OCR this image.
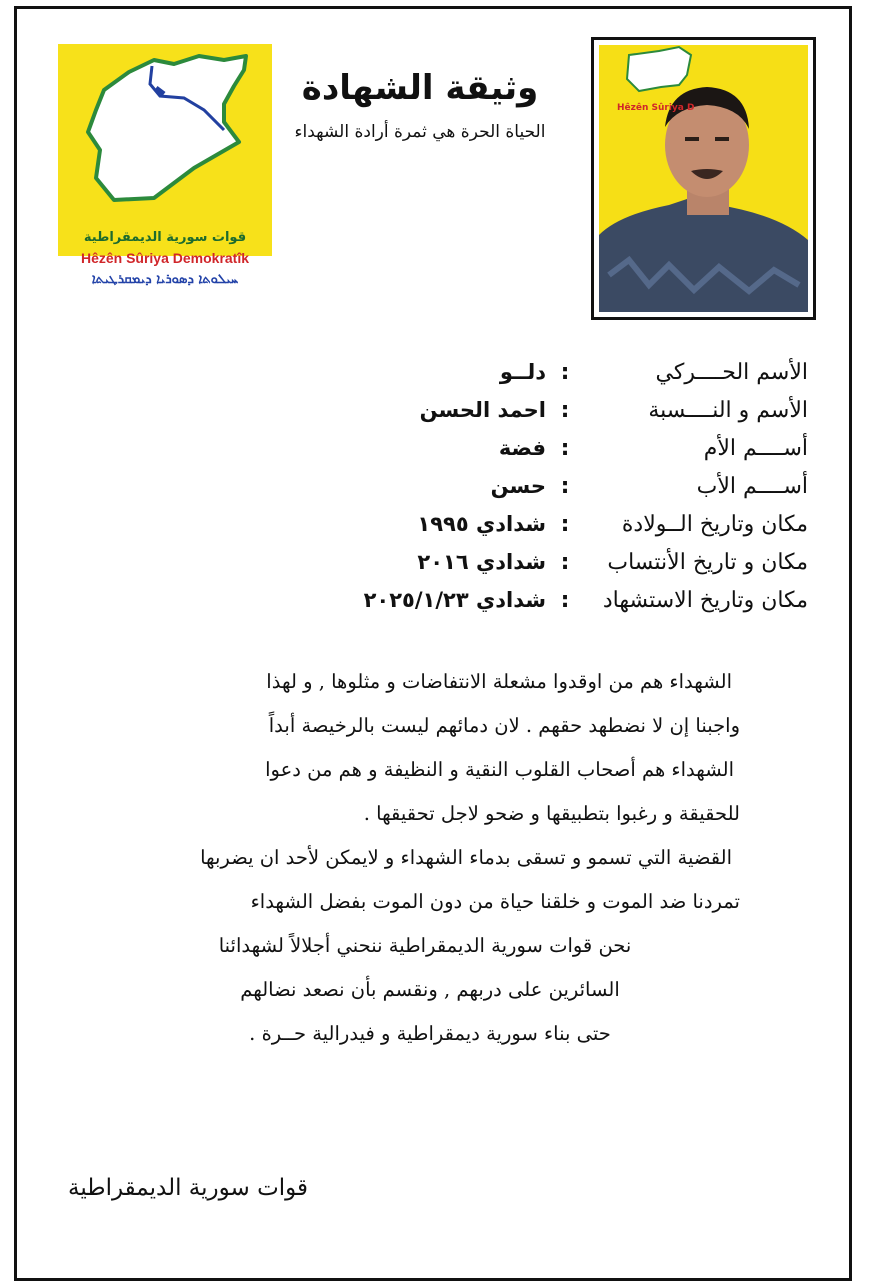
قوات سورية الديمقراطية
Hêzên Sûriya Demokratîk
ܚܝܠܘܬܐ ܕܣܘܪܝܐ ܕܝܡܩܪܛܝܬܐ
وثيقة الشهادة
الحياة الحرة هي ثمرة أرادة الشهداء
Hêzên Sûriya D
الأسم الحــــركي
:
دلــو
الأسم و النــــسبة
:
احمد الحسن
أســــم الأم
:
فضة
أســــم الأب
:
حسن
مكان وتاريخ الــولادة
:
شدادي ١٩٩٥
مكان و تاريخ الأنتساب
:
شدادي ٢٠١٦
مكان وتاريخ الاستشهاد
:
شدادي ٢٠٢٥/١/٢٣

الشهداء هم من اوقدوا مشعلة الانتفاضات و مثلوها , و لهذا

واجبنا إن لا نضطهد حقهم . لان دمائهم ليست بالرخيصة أبداً

الشهداء هم أصحاب القلوب النقية و النظيفة و هم من دعوا

للحقيقة و رغبوا بتطبيقها و ضحو لاجل تحقيقها .

القضية التي تسمو و تسقى بدماء الشهداء و لايمكن لأحد ان يضربها

تمردنا ضد الموت و خلقنا حياة من دون الموت بفضل الشهداء

نحن قوات سورية الديمقراطية ننحني أجلالاً لشهدائنا

السائرين على دربهم , ونقسم بأن نصعد نضالهم

حتى بناء سورية ديمقراطية و فيدرالية حــرة .

قوات سورية الديمقراطية
